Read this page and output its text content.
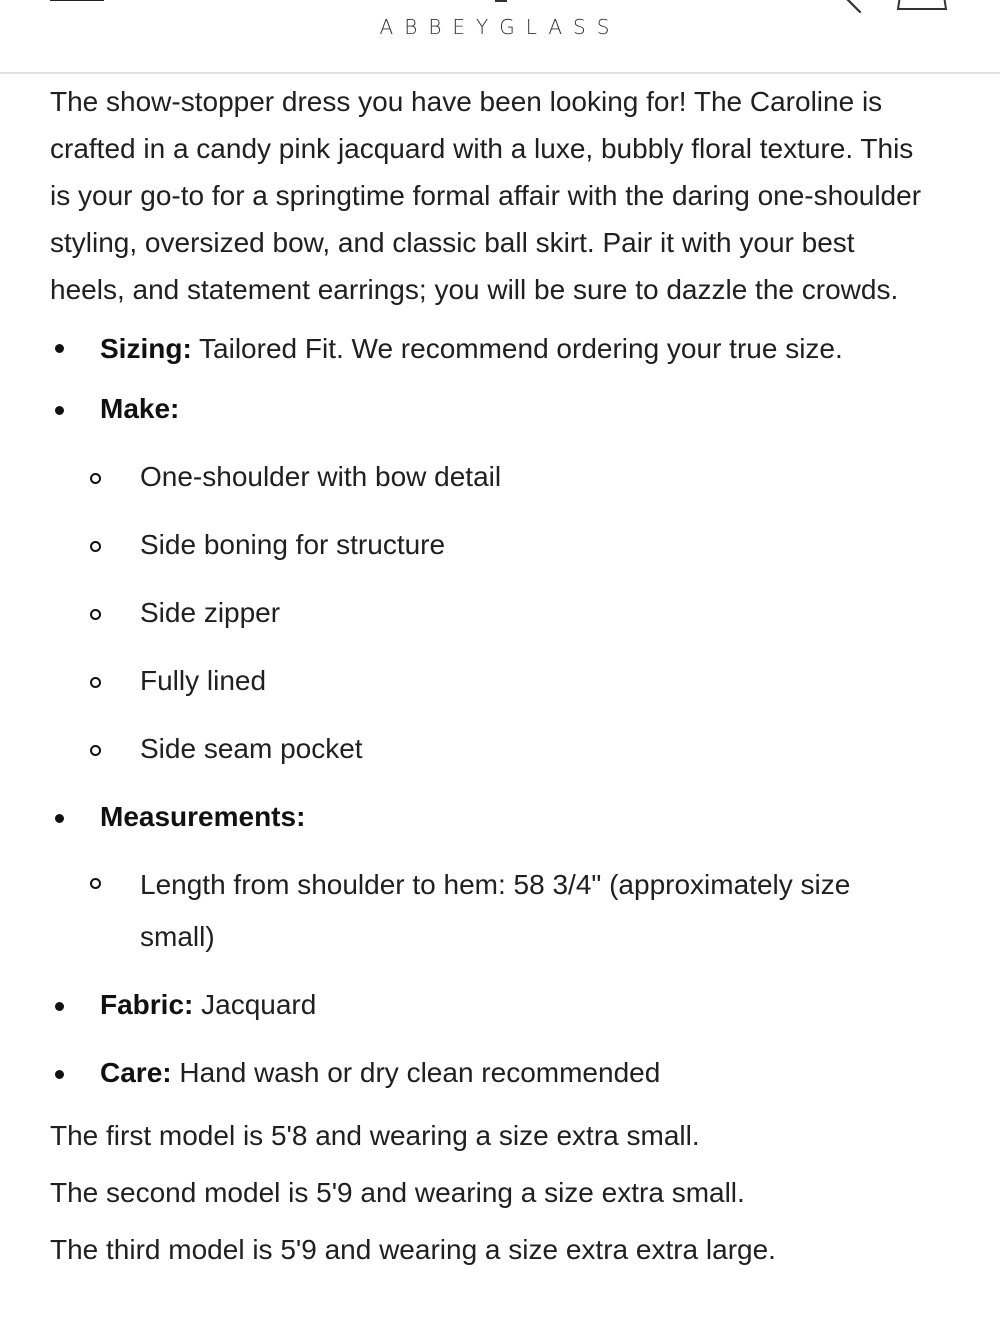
ABBEYGLASS

The show-stopper dress you have been looking for! The Caroline is crafted in a candy pink jacquard with a luxe, bubbly floral texture. This is your go-to for a springtime formal affair with the daring one-shoulder styling, oversized bow, and classic ball skirt. Pair it with your best heels, and statement earrings; you will be sure to dazzle the crowds.

Sizing: Tailored Fit. We recommend ordering your true size.
Make:
One-shoulder with bow detail
Side boning for structure
Side zipper
Fully lined
Side seam pocket
Measurements:
Length from shoulder to hem: 58 3/4" (approximately size small)
Fabric: Jacquard
Care: Hand wash or dry clean recommended

The first model is 5'8 and wearing a size extra small.

The second model is 5'9 and wearing a size extra small.

The third model is 5'9 and wearing a size extra extra large.
